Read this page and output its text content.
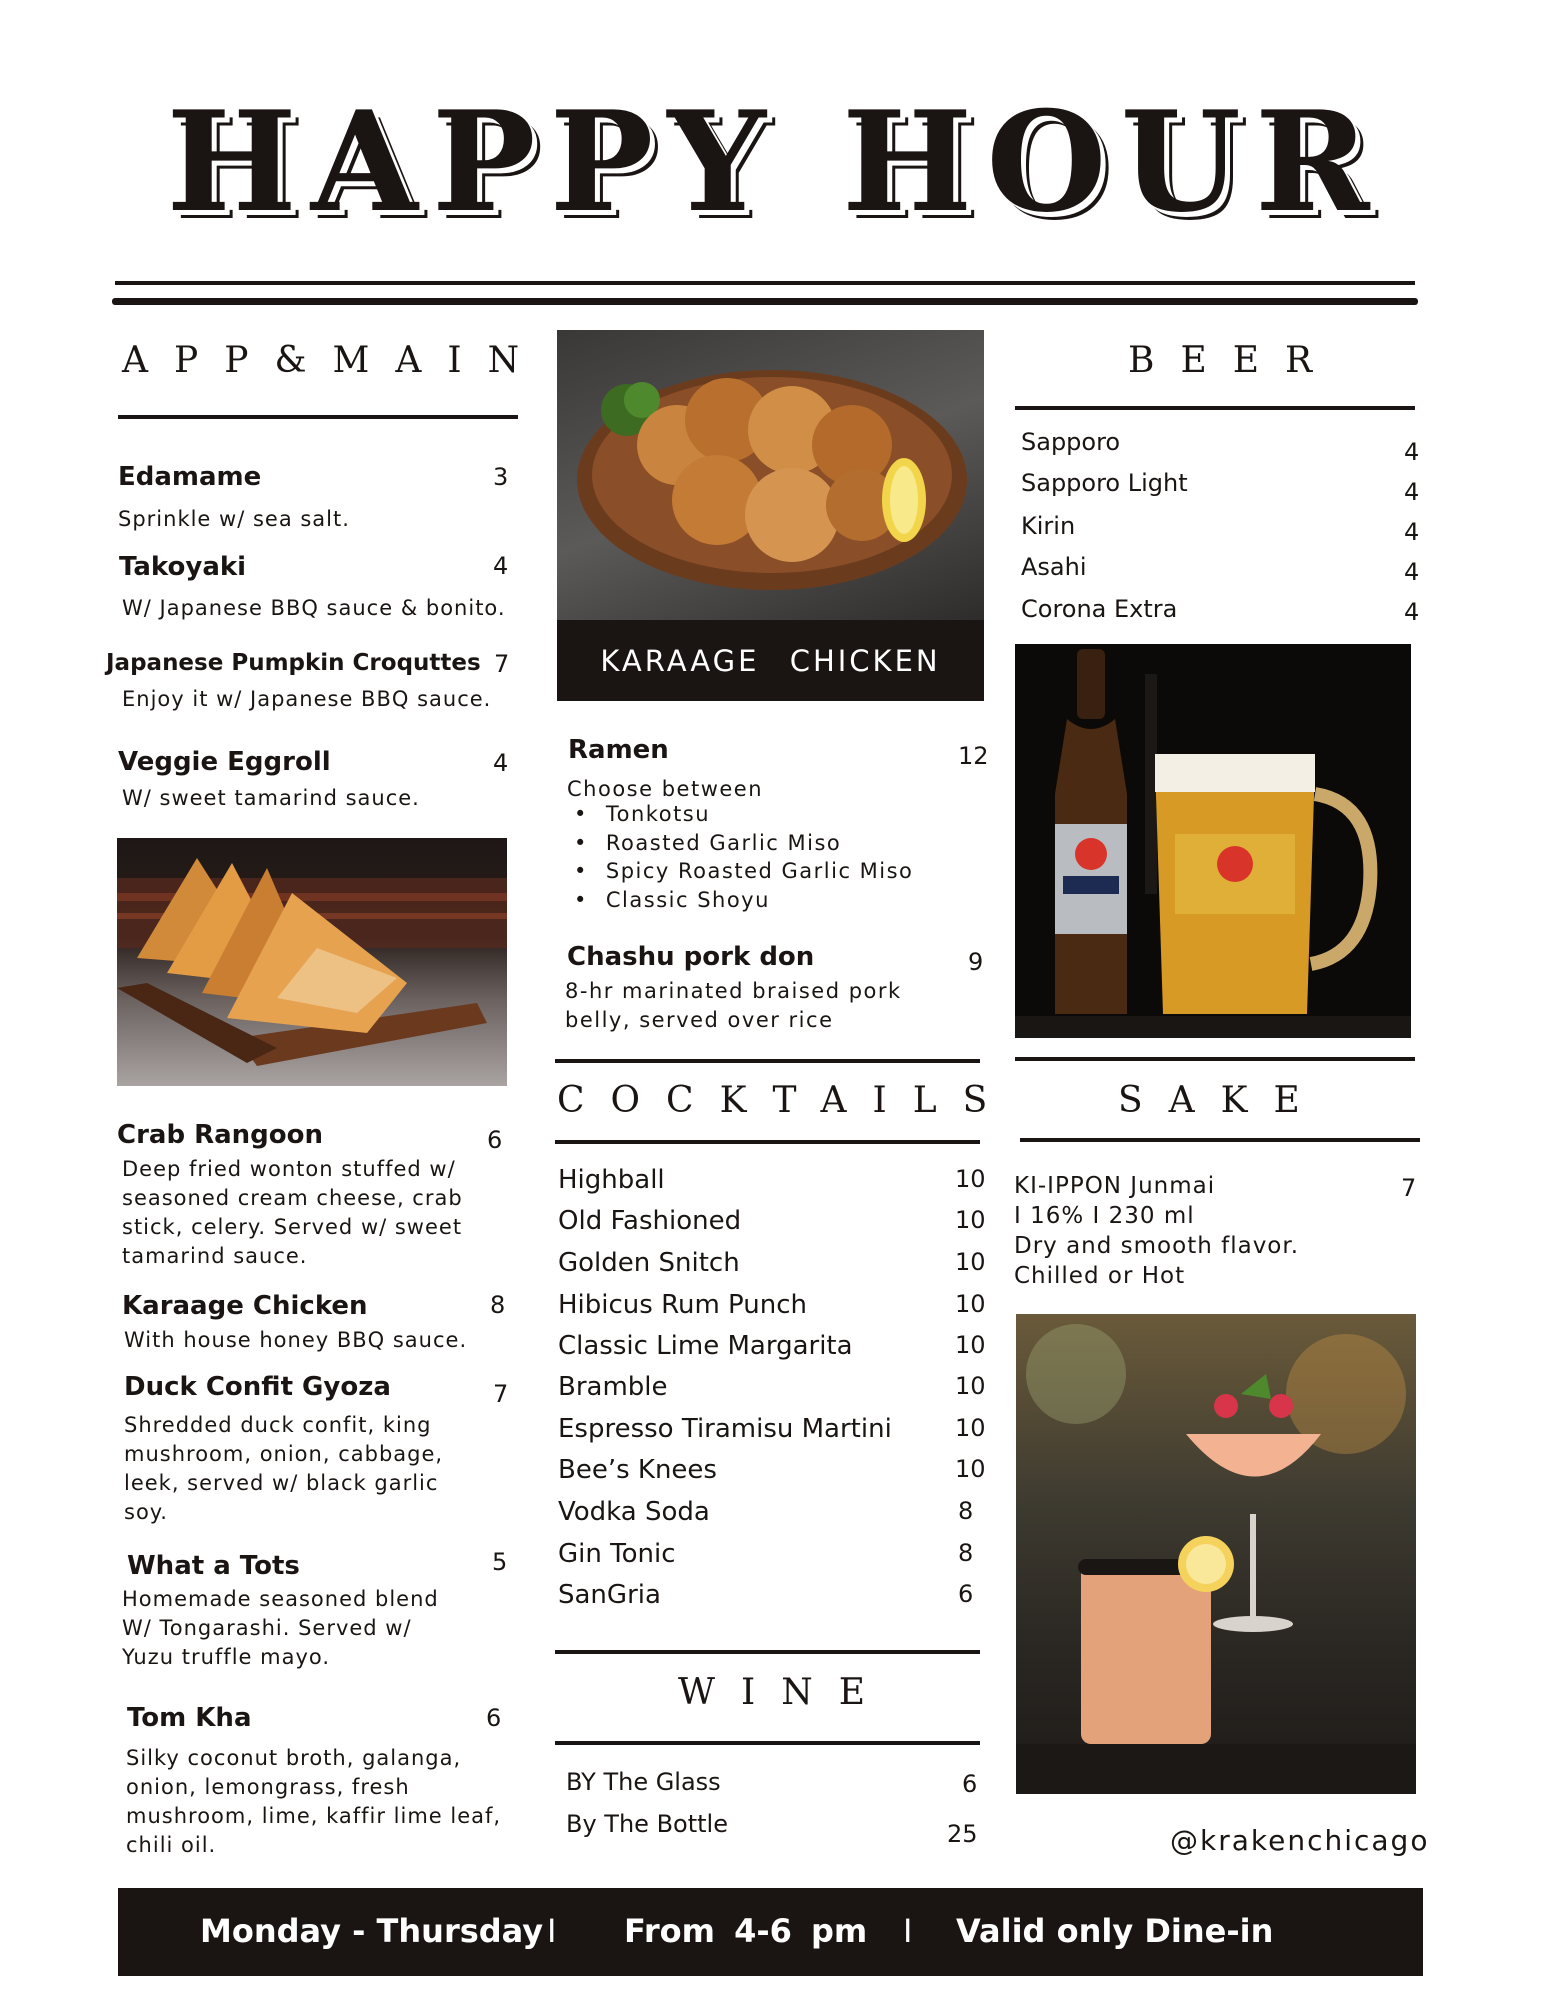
HAPPY HOUR
APP&MAIN
Edamame	3
Sprinkle w/ sea salt.
Takoyaki	4
W/ Japanese BBQ sauce & bonito.
Japanese Pumpkin Croquttes 7
Enjoy it w/ Japanese BBQ sauce.
Veggie Eggroll	4
W/ sweet tamarind sauce.
Crab Rangoon	6
Deep fried wonton stuffed w/ seasoned cream cheese, crab stick, celery. Served w/ sweet tamarind sauce.
Karaage Chicken	8
With house honey BBQ sauce.
Duck Confit Gyoza	7
Shredded duck confit, king mushroom, onion, cabbage, leek, served w/ black garlic soy.
What a Tots	5
Homemade seasoned blend W/ Tongarashi. Served w/ Yuzu truffle mayo.
Tom Kha	6
Silky coconut broth, galanga, onion, lemongrass, fresh mushroom, lime, kaffir lime leaf, chili oil.
KARAAGE CHICKEN
Ramen	12
Choose between
• Tonkotsu
• Roasted Garlic Miso
• Spicy Roasted Garlic Miso
• Classic Shoyu
Chashu pork don	9
8-hr marinated braised pork belly, served over rice
COCKTAILS
Highball	10
Old Fashioned	10
Golden Snitch	10
Hibicus Rum Punch	10
Classic Lime Margarita	10
Bramble	10
Espresso Tiramisu Martini	10
Bee’s Knees	10
Vodka Soda	8
Gin Tonic	8
SanGria	6
WINE
BY The Glass	6
By The Bottle	25
BEER
Sapporo	4
Sapporo Light	4
Kirin	4
Asahi	4
Corona Extra	4
SAKE
KI-IPPON Junmai	7
I 16% I 230 ml
Dry and smooth flavor.
Chilled or Hot
@krakenchicago
Monday - Thursday I From 4-6 pm I Valid only Dine-in
